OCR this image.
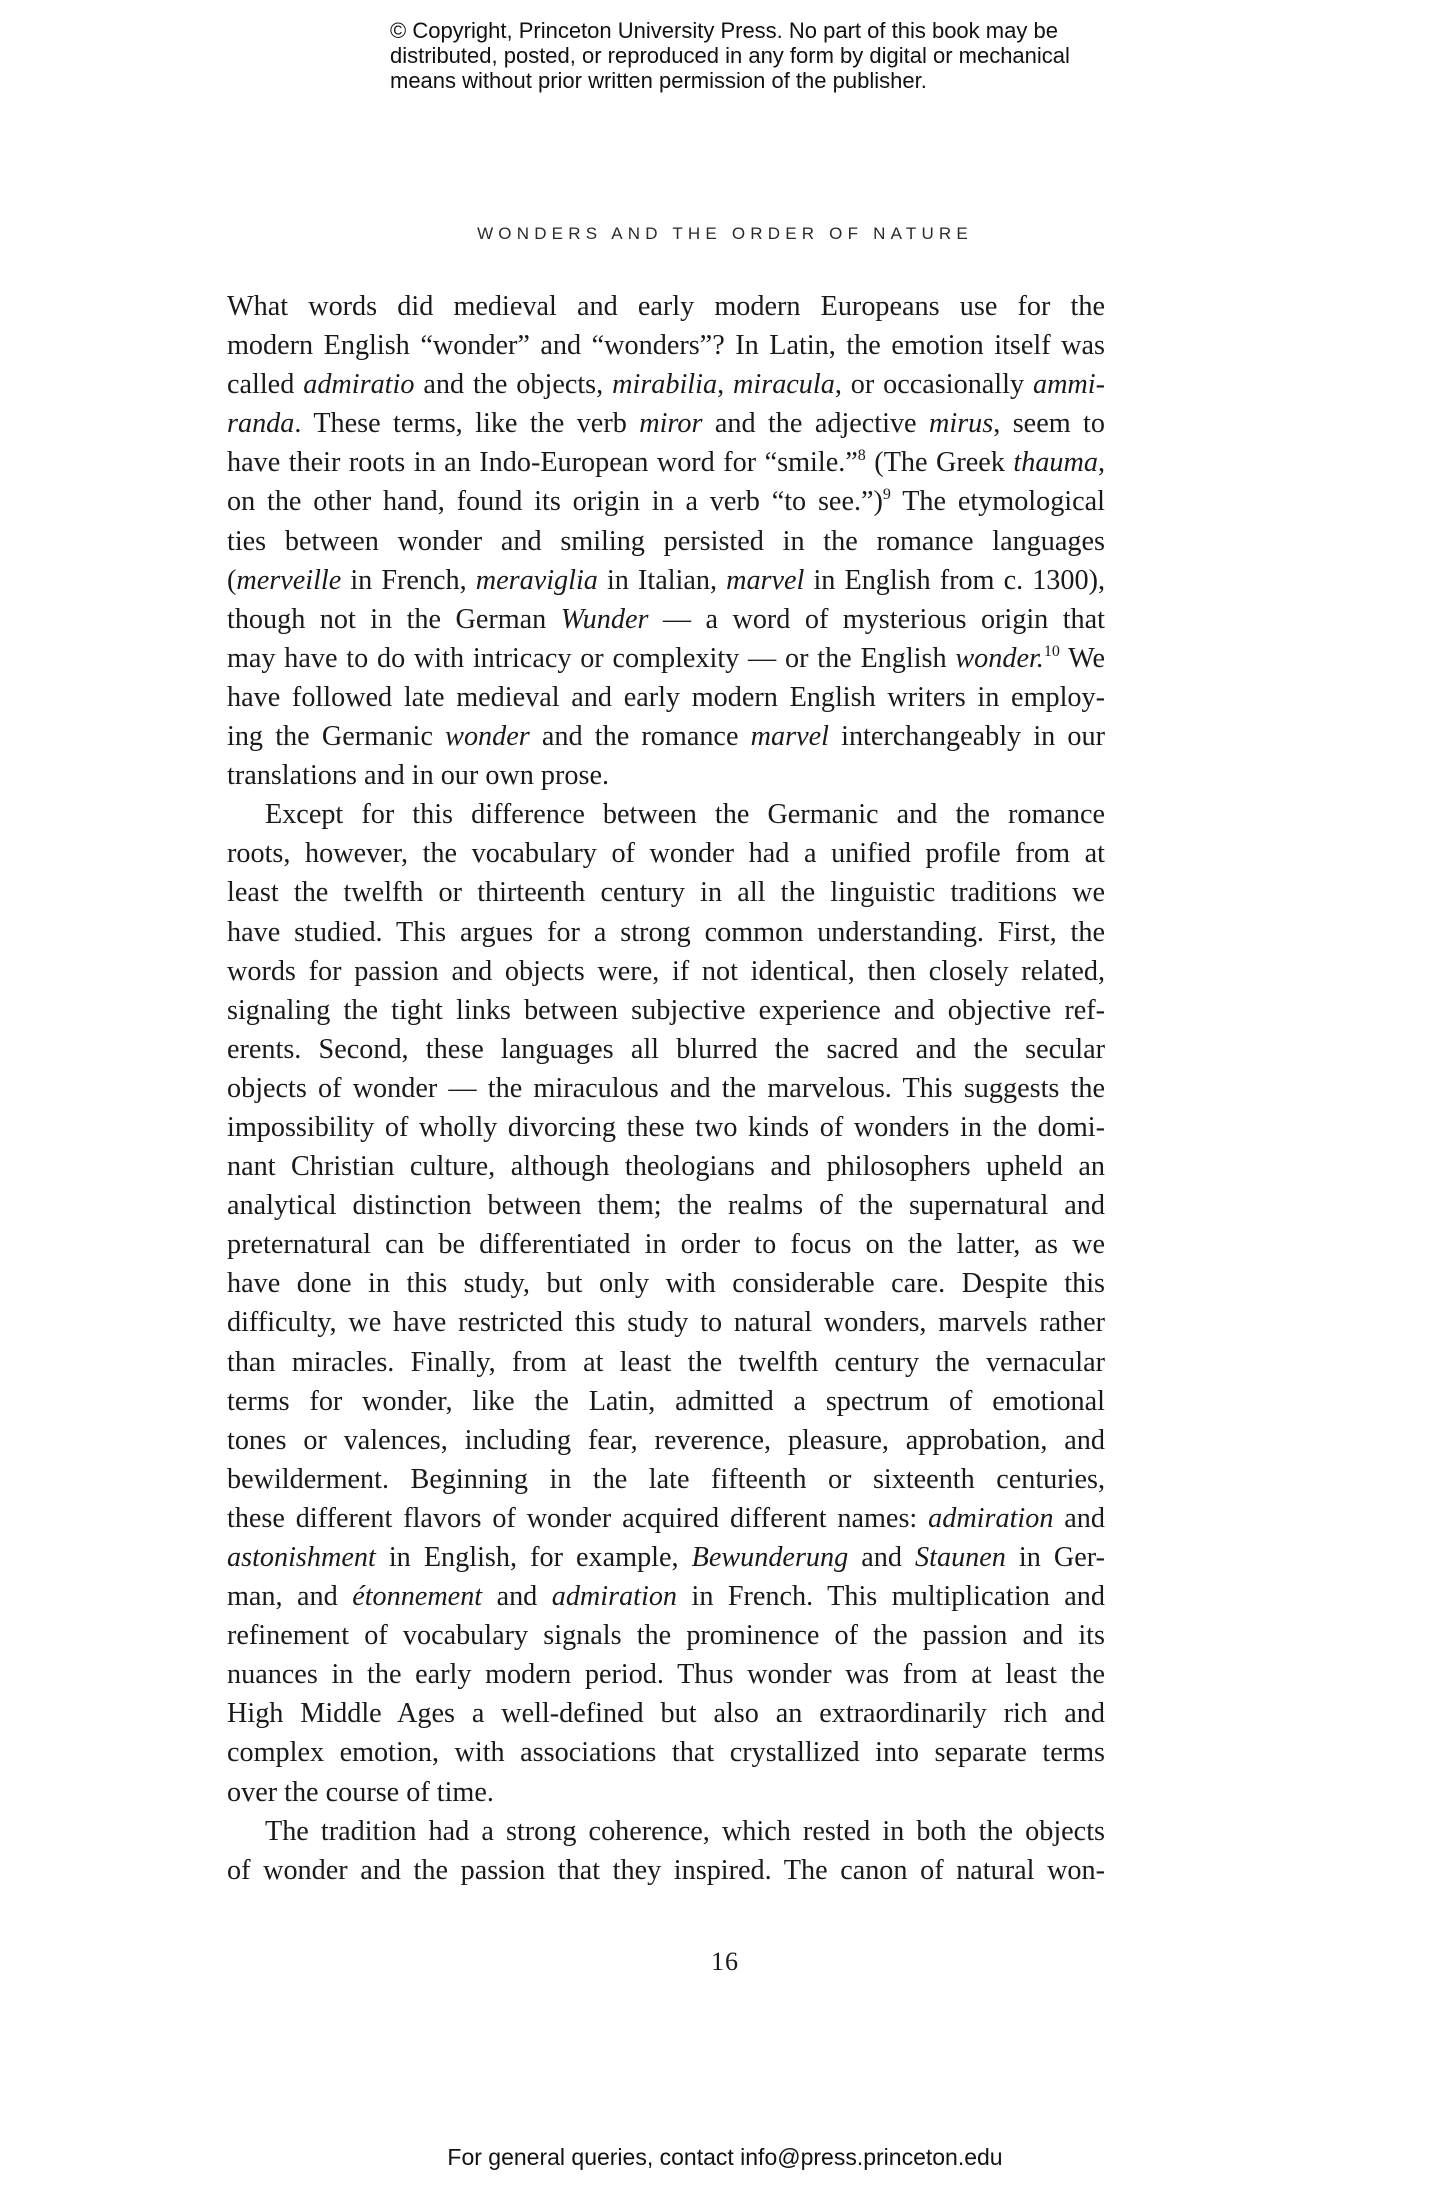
© Copyright, Princeton University Press. No part of this book may be
distributed, posted, or reproduced in any form by digital or mechanical
means without prior written permission of the publisher.
WONDERS AND THE ORDER OF NATURE
What words did medieval and early modern Europeans use for the
modern English “wonder” and “wonders”? In Latin, the emotion itself was
called admiratio and the objects, mirabilia, miracula, or occasionally ammi-
randa. These terms, like the verb miror and the adjective mirus, seem to
have their roots in an Indo-European word for “smile.”$^8$ (The Greek thauma,
on the other hand, found its origin in a verb “to see.”)$^9$ The etymological
ties between wonder and smiling persisted in the romance languages
(merveille in French, meraviglia in Italian, marvel in English from c. 1300),
though not in the German Wunder — a word of mysterious origin that
may have to do with intricacy or complexity — or the English wonder.$^{10}$ We
have followed late medieval and early modern English writers in employ-
ing the Germanic wonder and the romance marvel interchangeably in our
translations and in our own prose.
Except for this difference between the Germanic and the romance
roots, however, the vocabulary of wonder had a unified profile from at
least the twelfth or thirteenth century in all the linguistic traditions we
have studied. This argues for a strong common understanding. First, the
words for passion and objects were, if not identical, then closely related,
signaling the tight links between subjective experience and objective ref-
erents. Second, these languages all blurred the sacred and the secular
objects of wonder — the miraculous and the marvelous. This suggests the
impossibility of wholly divorcing these two kinds of wonders in the domi-
nant Christian culture, although theologians and philosophers upheld an
analytical distinction between them; the realms of the supernatural and
preternatural can be differentiated in order to focus on the latter, as we
have done in this study, but only with considerable care. Despite this
difficulty, we have restricted this study to natural wonders, marvels rather
than miracles. Finally, from at least the twelfth century the vernacular
terms for wonder, like the Latin, admitted a spectrum of emotional
tones or valences, including fear, reverence, pleasure, approbation, and
bewilderment. Beginning in the late fifteenth or sixteenth centuries,
these different flavors of wonder acquired different names: admiration and
astonishment in English, for example, Bewunderung and Staunen in Ger-
man, and étonnement and admiration in French. This multiplication and
refinement of vocabulary signals the prominence of the passion and its
nuances in the early modern period. Thus wonder was from at least the
High Middle Ages a well-defined but also an extraordinarily rich and
complex emotion, with associations that crystallized into separate terms
over the course of time.
The tradition had a strong coherence, which rested in both the objects
of wonder and the passion that they inspired. The canon of natural won-
16
For general queries, contact info@press.princeton.edu
